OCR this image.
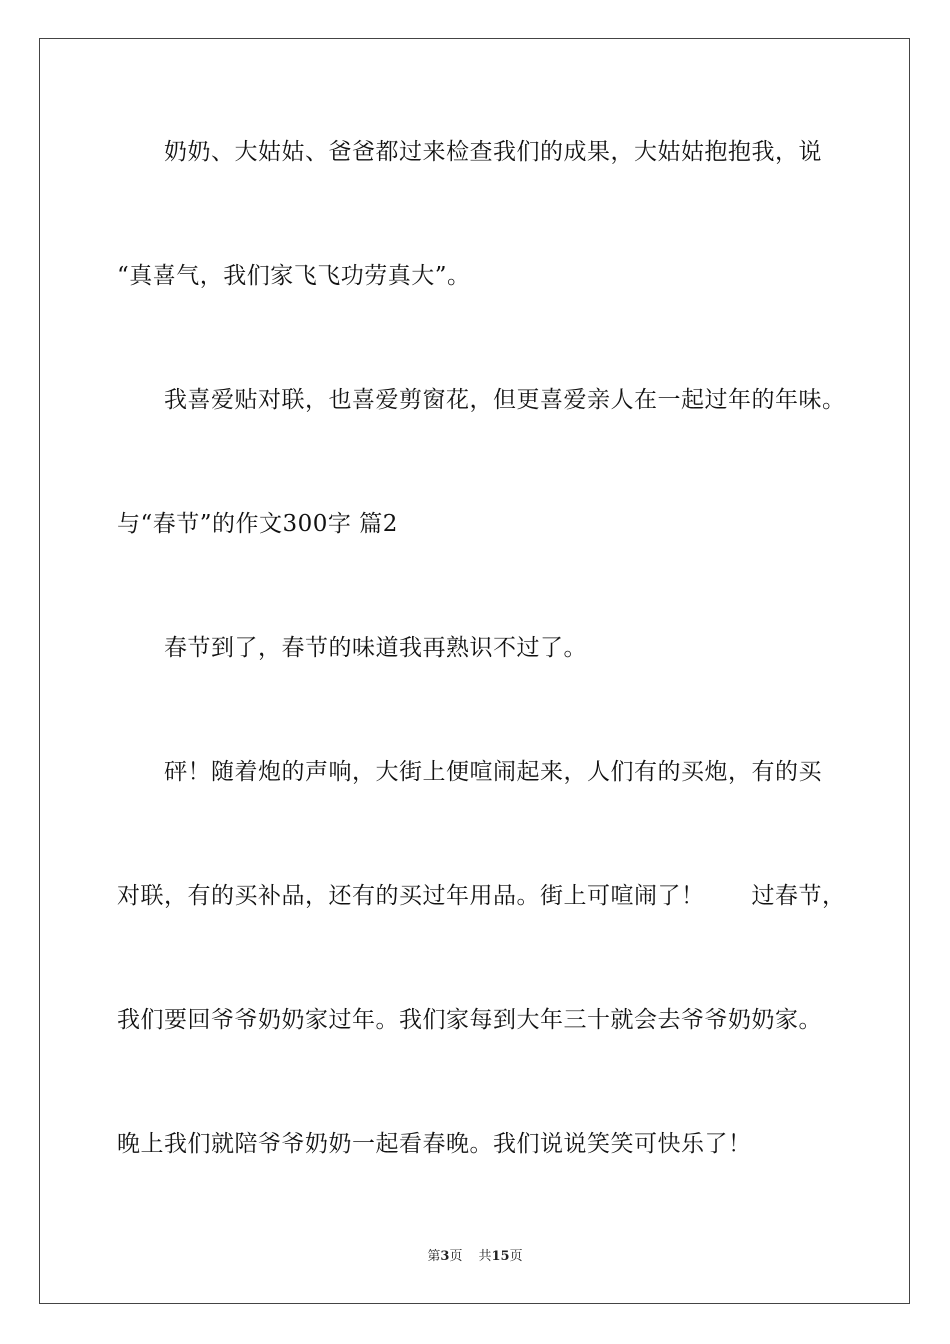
奶奶、大姑姑、爸爸都过来检查我们的成果，大姑姑抱抱我，说
“真喜气，我们家飞飞功劳真大”。
我喜爱贴对联，也喜爱剪窗花，但更喜爱亲人在一起过年的年味。
与“春节”的作文300字 篇2
春节到了，春节的味道我再熟识不过了。
砰！随着炮的声响，大街上便喧闹起来，人们有的买炮，有的买
对联，有的买补品，还有的买过年用品。街上可喧闹了！　　过春节，
我们要回爷爷奶奶家过年。我们家每到大年三十就会去爷爷奶奶家。
晚上我们就陪爷爷奶奶一起看春晚。我们说说笑笑可快乐了！
第3页 共15页
